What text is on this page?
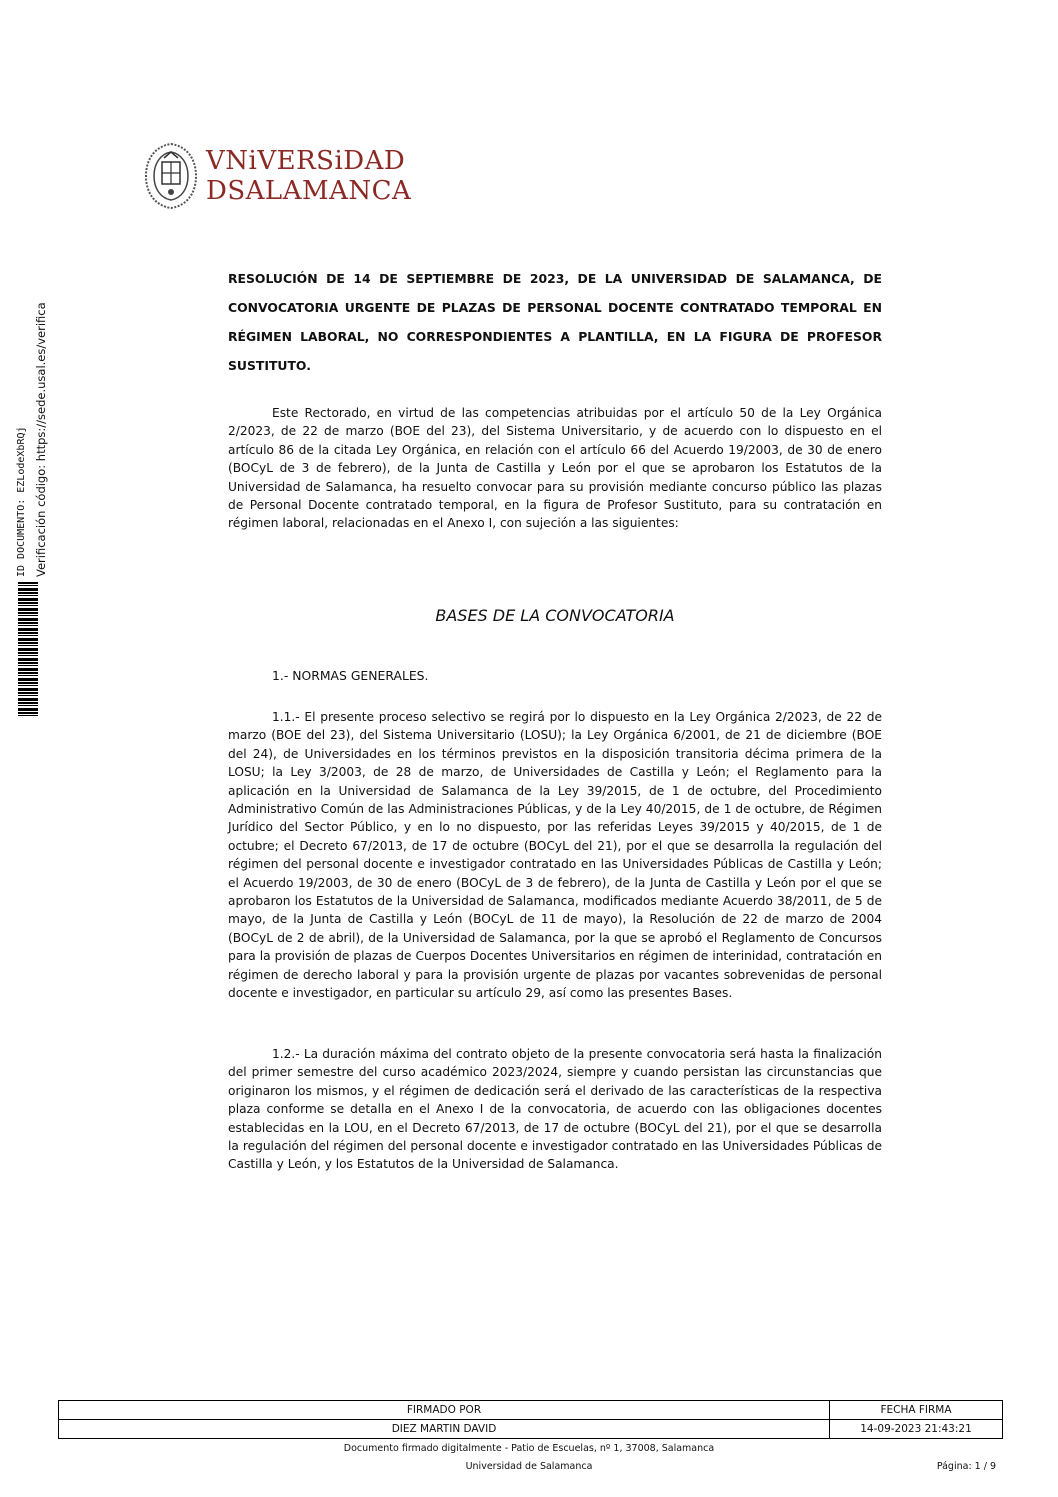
VNiVERSiDAD
DSALAMANCA
ID DOCUMENTO: EZLodeXbRQj Verificación código: https://sede.usal.es/verifica
RESOLUCIÓN DE 14 DE SEPTIEMBRE DE 2023, DE LA UNIVERSIDAD DE SALAMANCA, DE CONVOCATORIA URGENTE DE PLAZAS DE PERSONAL DOCENTE CONTRATADO TEMPORAL EN RÉGIMEN LABORAL, NO CORRESPONDIENTES A PLANTILLA, EN LA FIGURA DE PROFESOR
SUSTITUTO.

Este Rectorado, en virtud de las competencias atribuidas por el artículo 50 de la Ley Orgánica 2/2023, de 22 de marzo (BOE del 23), del Sistema Universitario, y de acuerdo con lo dispuesto en el artículo 86 de la citada Ley Orgánica, en relación con el artículo 66 del Acuerdo 19/2003, de 30 de enero (BOCyL de 3 de febrero), de la Junta de Castilla y León por el que se aprobaron los Estatutos de la Universidad de Salamanca, ha resuelto convocar para su provisión mediante concurso público las plazas de Personal Docente contratado temporal, en la figura de Profesor Sustituto, para su contratación en régimen laboral, relacionadas en el Anexo I, con sujeción a las siguientes:

BASES DE LA CONVOCATORIA
1.- NORMAS GENERALES.

1.1.- El presente proceso selectivo se regirá por lo dispuesto en la Ley Orgánica 2/2023, de 22 de marzo (BOE del 23), del Sistema Universitario (LOSU); la Ley Orgánica 6/2001, de 21 de diciembre (BOE del 24), de Universidades en los términos previstos en la disposición transitoria décima primera de la LOSU; la Ley 3/2003, de 28 de marzo, de Universidades de Castilla y León; el Reglamento para la aplicación en la Universidad de Salamanca de la Ley 39/2015, de 1 de octubre, del Procedimiento Administrativo Común de las Administraciones Públicas, y de la Ley 40/2015, de 1 de octubre, de Régimen Jurídico del Sector Público, y en lo no dispuesto, por las referidas Leyes 39/2015 y 40/2015, de 1 de octubre; el Decreto 67/2013, de 17 de octubre (BOCyL del 21), por el que se desarrolla la regulación del régimen del personal docente e investigador contratado en las Universidades Públicas de Castilla y León; el Acuerdo 19/2003, de 30 de enero (BOCyL de 3 de febrero), de la Junta de Castilla y León por el que se aprobaron los Estatutos de la Universidad de Salamanca, modificados mediante Acuerdo 38/2011, de 5 de mayo, de la Junta de Castilla y León (BOCyL de 11 de mayo), la Resolución de 22 de marzo de 2004 (BOCyL de 2 de abril), de la Universidad de Salamanca, por la que se aprobó el Reglamento de Concursos para la provisión de plazas de Cuerpos Docentes Universitarios en régimen de interinidad, contratación en régimen de derecho laboral y para la provisión urgente de plazas por vacantes sobrevenidas de personal docente e investigador, en particular su artículo 29, así como las presentes Bases.

1.2.- La duración máxima del contrato objeto de la presente convocatoria será hasta la finalización del primer semestre del curso académico 2023/2024, siempre y cuando persistan las circunstancias que originaron los mismos, y el régimen de dedicación será el derivado de las características de la respectiva plaza conforme se detalla en el Anexo I de la convocatoria, de acuerdo con las obligaciones docentes establecidas en la LOU, en el Decreto 67/2013, de 17 de octubre (BOCyL del 21), por el que se desarrolla la regulación del régimen del personal docente e investigador contratado en las Universidades Públicas de Castilla y León, y los Estatutos de la Universidad de Salamanca.

FIRMADO POR	FECHA FIRMA
DIEZ MARTIN DAVID	14-09-2023 21:43:21
Documento firmado digitalmente - Patio de Escuelas, nº 1, 37008, Salamanca
Universidad de Salamanca	Página: 1 / 9
